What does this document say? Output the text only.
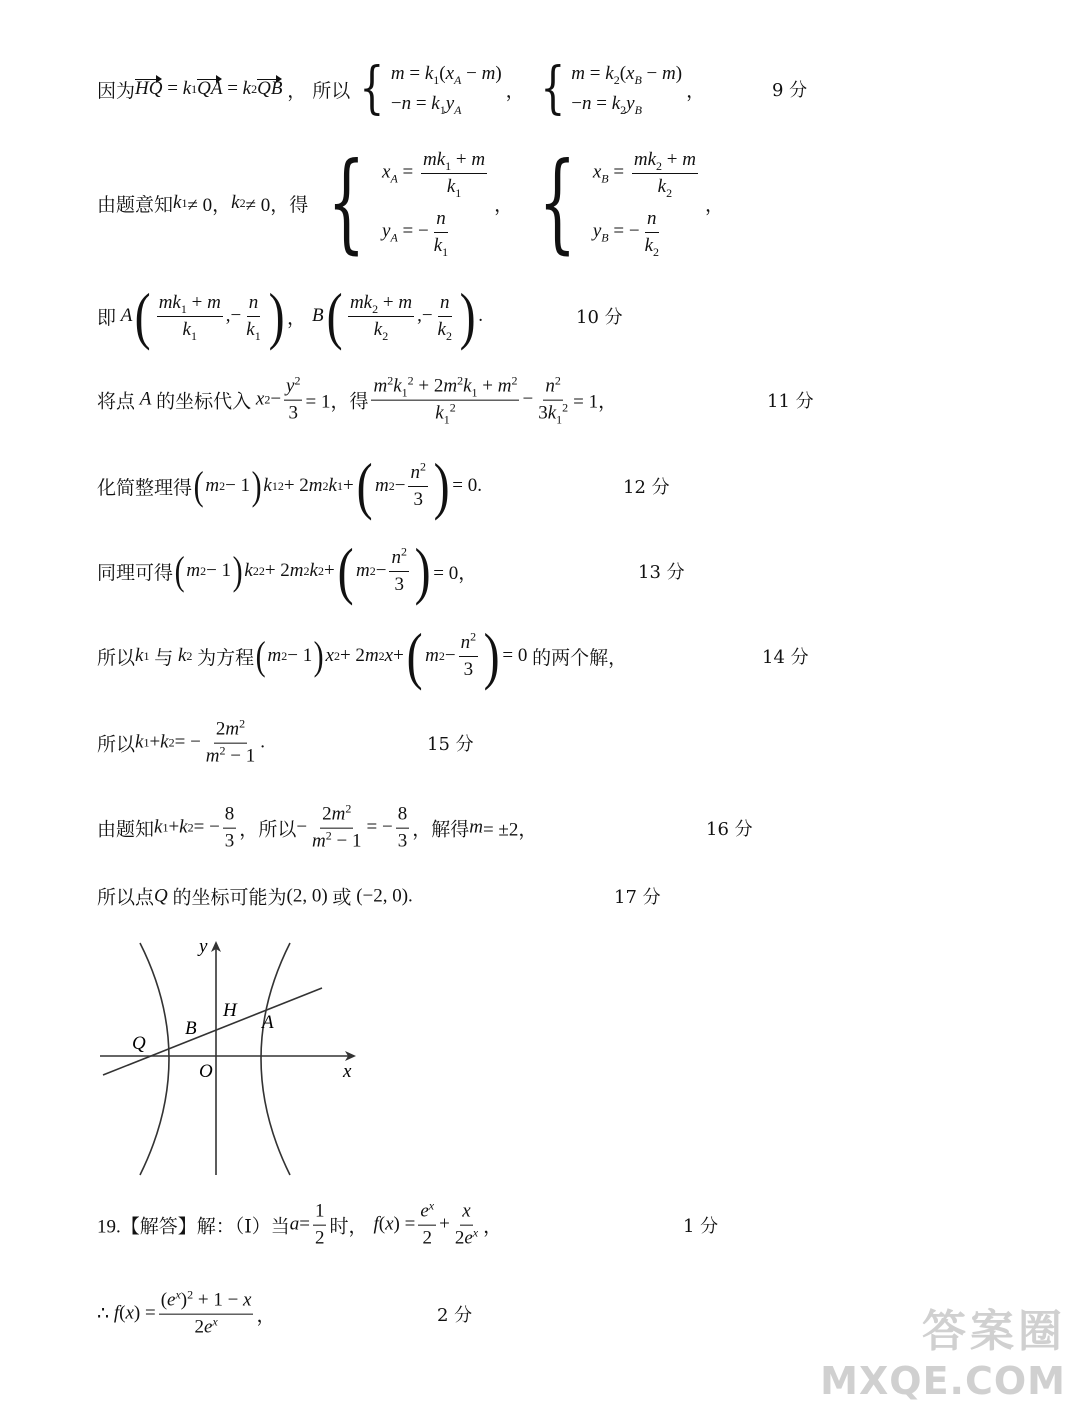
因为 HQ = k 1 QA = k 2 QB ， 所以 { $m = k_1(x_A - m)$
$-n = k_1y_A$
， { $m = k_2(x_B - m)$
$-n = k_2y_B$
，	9 分
由题意知 k 1 ≠ 0， k 2 ≠ 0， 得 { $x_A = \frac{mk_1 + m}{k_1}$
$y_A$ = − $\frac{n}{k_1}$
， { $x_B = \frac{mk_2 + m}{k_2}$
$y_B$ = − $\frac{n}{k_2}$
，
即
A ( $\frac{mk_1 + m}{k_1}$ ,− $\frac{n}{k_1}$ ) ， B ( $\frac{mk_2 + m}{k_2}$ ,− $\frac{n}{k_2}$ ) .	10 分
将点
A
的坐标代入
x $2 - \frac{y^2}{3} = 1$， 得 $\frac{m^2k_1^2 + 2m^2k_1 + m^2}{k_1^2} - \frac{n^2}{3k_1^2} = 1$，	11 分
化简整理得 ( m 2 − 1 ) k 1 2 + 2 m 2 k 1 + ( m $2 - \frac{n^2}{3}$ ) = 0.	12 分
同理可得 ( m 2 − 1 ) k 2 2 + 2 m 2 k 2 + ( m $2 - \frac{n^2}{3}$ ) = 0，	13 分
所以 k 1
与
k 2
为方程 ( m 2 − 1 ) x 2 + 2 m 2 x + ( m $2 - \frac{n^2}{3}$ ) = 0 的两个解，	14 分
所以 k 1 + k 2 = − $\frac{2m^2}{m^2 - 1}$ .	15 分
由题知 k 1 + k 2 = − $\frac{8}{3}$ ， 所以 − $\frac{2m^2}{m^2 - 1}$ = − $\frac{8}{3}$ ， 解得 m = ±2，	16 分
所以点 Q
的坐标可能为 (2, 0) 或 (−2, 0).	17 分
y
x
O
Q
B
H
A
19.【解答】解：（Ⅰ）当 $a = \frac{1}{2}$ 时， f ( x ) = $\frac{e^x}{2} + \frac{x}{2e^x}$ ，	1 分
∴ f ( x ) = $\frac{(e^x)^2 + 1 - x}{2e^x}$ ，	2 分	答案圈
MXQE.COM
